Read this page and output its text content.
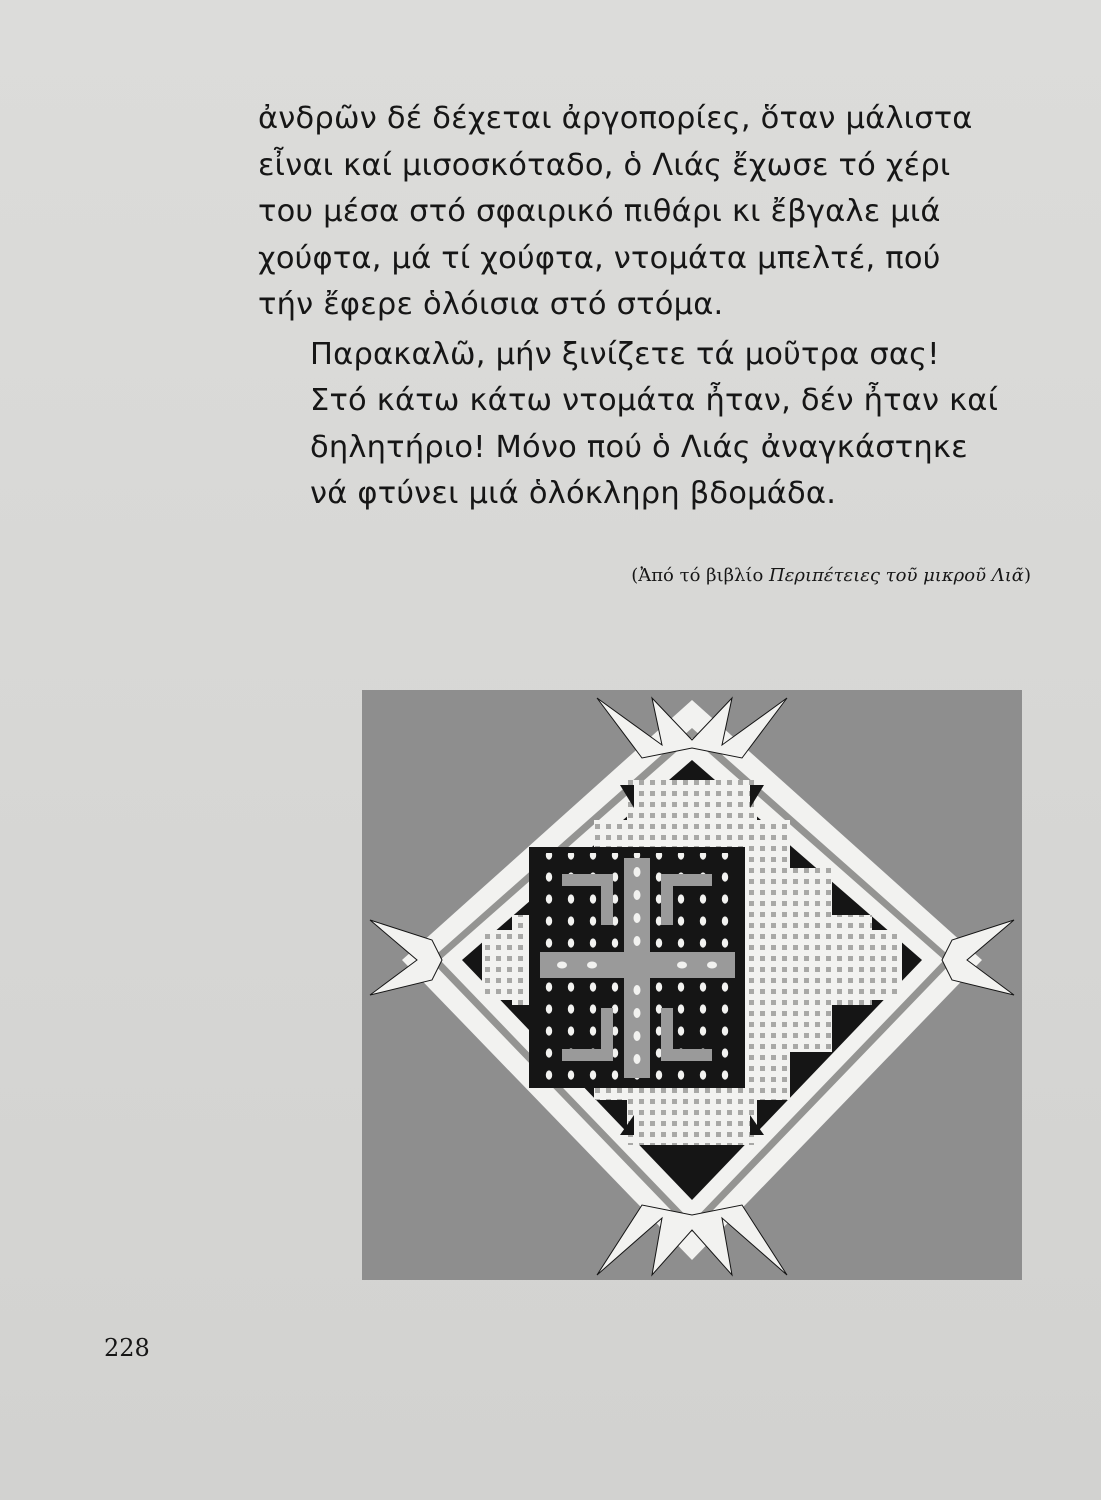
ἀνδρῶν δέ δέχεται ἀργοπορίες, ὅταν μάλιστα
εἶναι καί μισοσκόταδο, ὁ Λιάς ἔχωσε τό χέρι
του μέσα στό σφαιρικό πιθάρι κι ἔβγαλε μιά
χούφτα, μά τί χούφτα, ντομάτα μπελτέ, πού
τήν ἔφερε ὁλόισια στό στόμα.

Παρακαλῶ, μήν ξινίζετε τά μοῦτρα σας!
Στό κάτω κάτω ντομάτα ἦταν, δέν ἦταν καί
δηλητήριο! Μόνο πού ὁ Λιάς ἀναγκάστηκε
νά φτύνει μιά ὁλόκληρη βδομάδα.

(Ἀπό τό βιβλίο Περιπέτειες τοῦ μικροῦ Λιᾶ)
228
